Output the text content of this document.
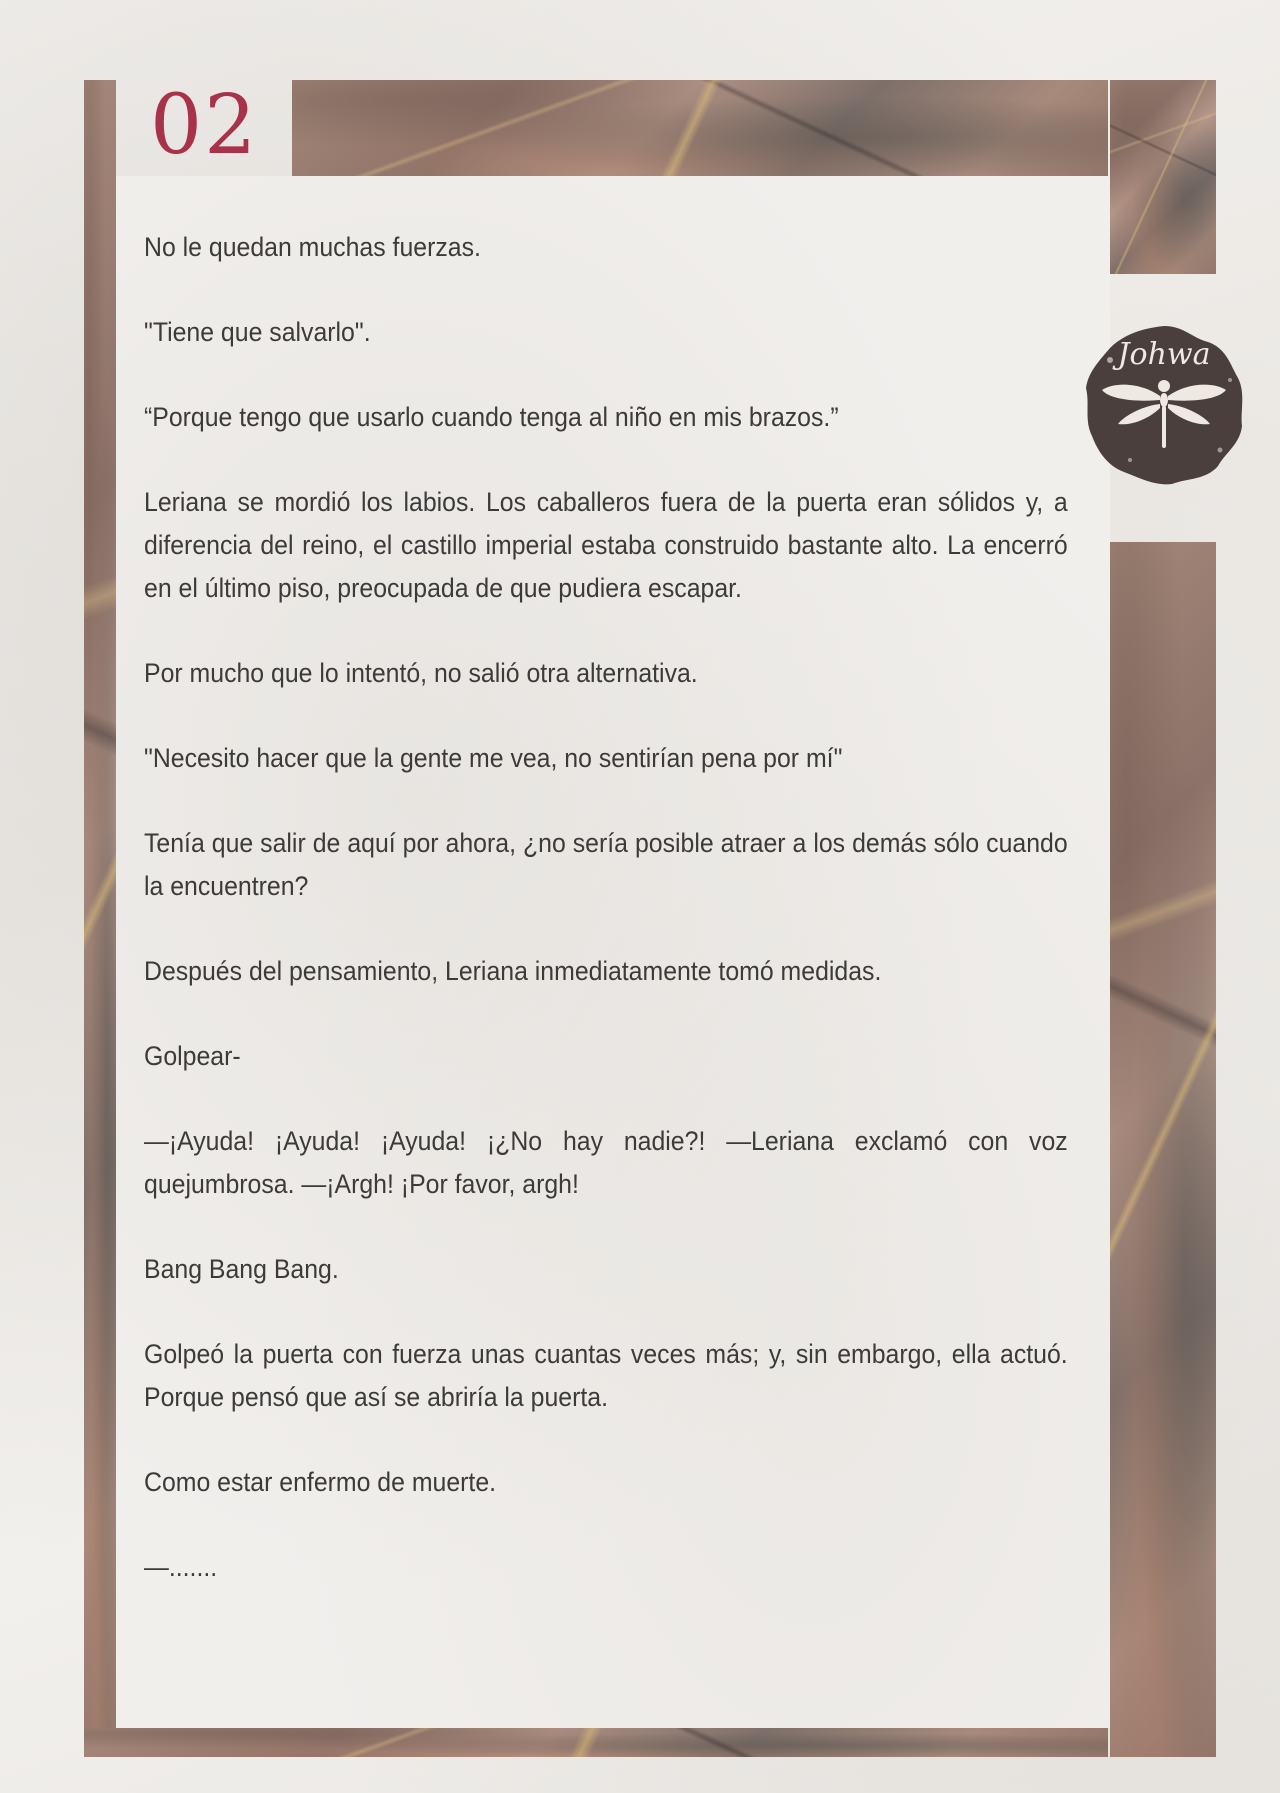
02
Johwa

No le quedan muchas fuerzas.

"Tiene que salvarlo".

“Porque tengo que usarlo cuando tenga al niño en mis brazos.”

Leriana se mordió los labios. Los caballeros fuera de la puerta eran sólidos y, a diferencia del reino, el castillo imperial estaba construido bastante alto. La encerró en el último piso, preocupada de que pudiera escapar.

Por mucho que lo intentó, no salió otra alternativa.

"Necesito hacer que la gente me vea, no sentirían pena por mí"

Tenía que salir de aquí por ahora, ¿no sería posible atraer a los demás sólo cuando la encuentren?

Después del pensamiento, Leriana inmediatamente tomó medidas.

Golpear-

—¡Ayuda! ¡Ayuda! ¡Ayuda! ¡¿No hay nadie?! —Leriana exclamó con voz quejumbrosa. —¡Argh! ¡Por favor, argh!

Bang Bang Bang.

Golpeó la puerta con fuerza unas cuantas veces más; y, sin embargo, ella actuó. Porque pensó que así se abriría la puerta.

Como estar enfermo de muerte.

—.......
